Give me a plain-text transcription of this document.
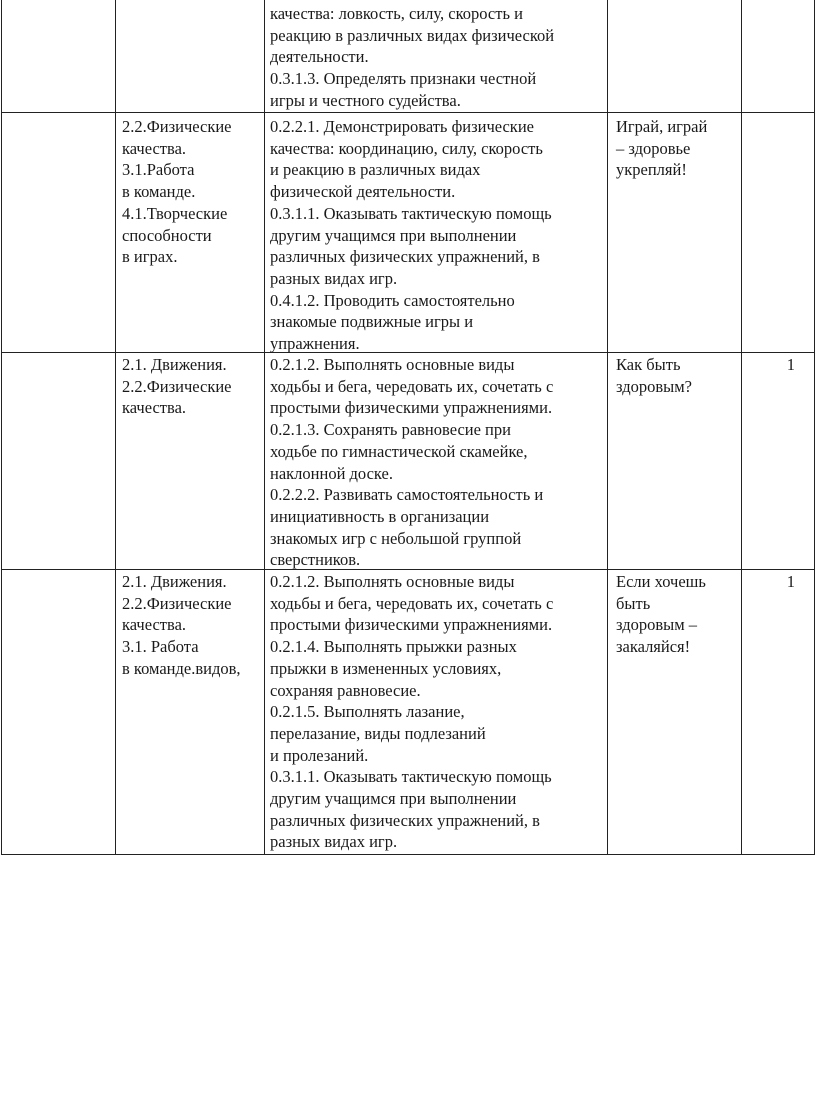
качества: ловкость, силу, скорость и

реакцию в различных видах физической

деятельности.

0.3.1.3. Определять признаки честной

игры и честного судейства.

2.2.Физические

качества.

3.1.Работа

в команде.

4.1.Творческие

способности

в играх.

0.2.2.1. Демонстрировать физические

качества: координацию, силу, скорость

и реакцию в различных видах

физической деятельности.

0.3.1.1. Оказывать тактическую помощь

другим учащимся при выполнении

различных физических упражнений, в

разных видах игр.

0.4.1.2. Проводить самостоятельно

знакомые подвижные игры и

упражнения.

Играй, играй

– здоровье

укрепляй!

2.1. Движения.

2.2.Физические

качества.

0.2.1.2. Выполнять основные виды

ходьбы и бега, чередовать их, сочетать с

простыми физическими упражнениями.

0.2.1.3. Сохранять равновесие при

ходьбе по гимнастической скамейке,

наклонной доске.

0.2.2.2. Развивать самостоятельность и

инициативность в организации

знакомых игр с небольшой группой

сверстников.

Как быть

здоровым?

1

2.1. Движения.

2.2.Физические

качества.

3.1. Работа

в команде.видов,

0.2.1.2. Выполнять основные виды

ходьбы и бега, чередовать их, сочетать с

простыми физическими упражнениями.

0.2.1.4. Выполнять прыжки разных

прыжки в измененных условиях,

сохраняя равновесие.

0.2.1.5. Выполнять лазание,

перелазание, виды подлезаний

и пролезаний.

0.3.1.1. Оказывать тактическую помощь

другим учащимся при выполнении

различных физических упражнений, в

разных видах игр.

Если хочешь

быть

здоровым –

закаляйся!

1
